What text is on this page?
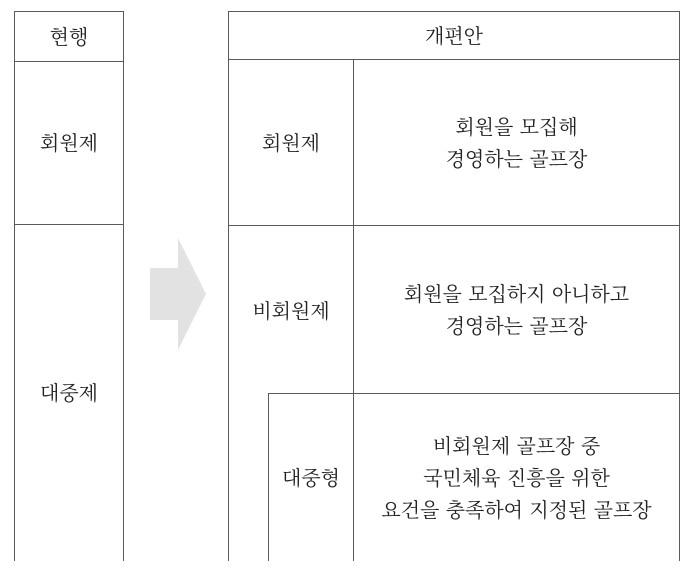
현행
회원제
대중제
개편안
회원제
회원을 모집해
경영하는 골프장
비회원제
회원을 모집하지 아니하고
경영하는 골프장
대중형
비회원제 골프장 중
국민체육 진흥을 위한
요건을 충족하여 지정된 골프장
